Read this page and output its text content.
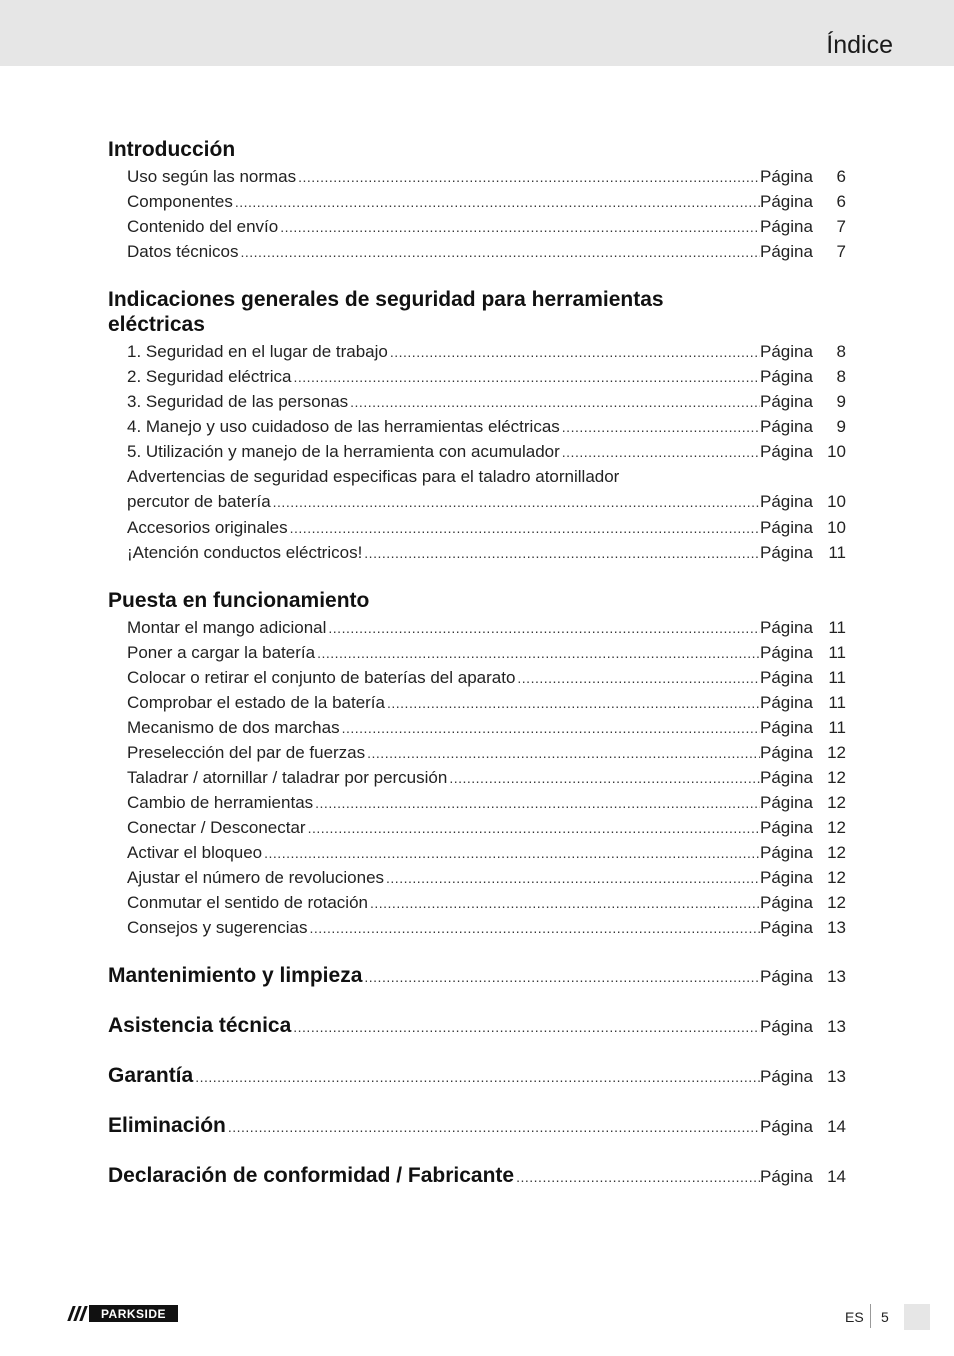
Índice
Introducción
Uso según las normas .....	Página	6
Componentes .....	Página	6
Contenido del envío .....	Página	7
Datos técnicos .....	Página	7
Indicaciones generales de seguridad para herramientas
eléctricas
1. Seguridad en el lugar de trabajo .....	Página	8
2. Seguridad eléctrica .....	Página	8
3. Seguridad de las personas .....	Página	9
4. Manejo y uso cuidadoso de las herramientas eléctricas .....	Página	9
5. Utilización y manejo de la herramienta con acumulador .....	Página 10
Advertencias de seguridad especificas para el taladro atornillador
percutor de batería .....	Página 10
Accesorios originales .....	Página 10
¡Atención conductos eléctricos! .....	Página 11
Puesta en funcionamiento
Montar el mango adicional .....	Página 11
Poner a cargar la batería .....	Página 11
Colocar o retirar el conjunto de baterías del aparato .....	Página 11
Comprobar el estado de la batería .....	Página 11
Mecanismo de dos marchas .....	Página 11
Preselección del par de fuerzas .....	Página 12
Taladrar / atornillar / taladrar por percusión .....	Página 12
Cambio de herramientas .....	Página 12
Conectar / Desconectar .....	Página 12
Activar el bloqueo .....	Página 12
Ajustar el número de revoluciones .....	Página 12
Conmutar el sentido de rotación .....	Página 12
Consejos y sugerencias .....	Página 13
Mantenimiento y limpieza .....	Página 13
Asistencia técnica .....	Página 13
Garantía .....	Página 13
Eliminación .....	Página 14
Declaración de conformidad / Fabricante .....	Página 14
PARKSIDE	ES 5
